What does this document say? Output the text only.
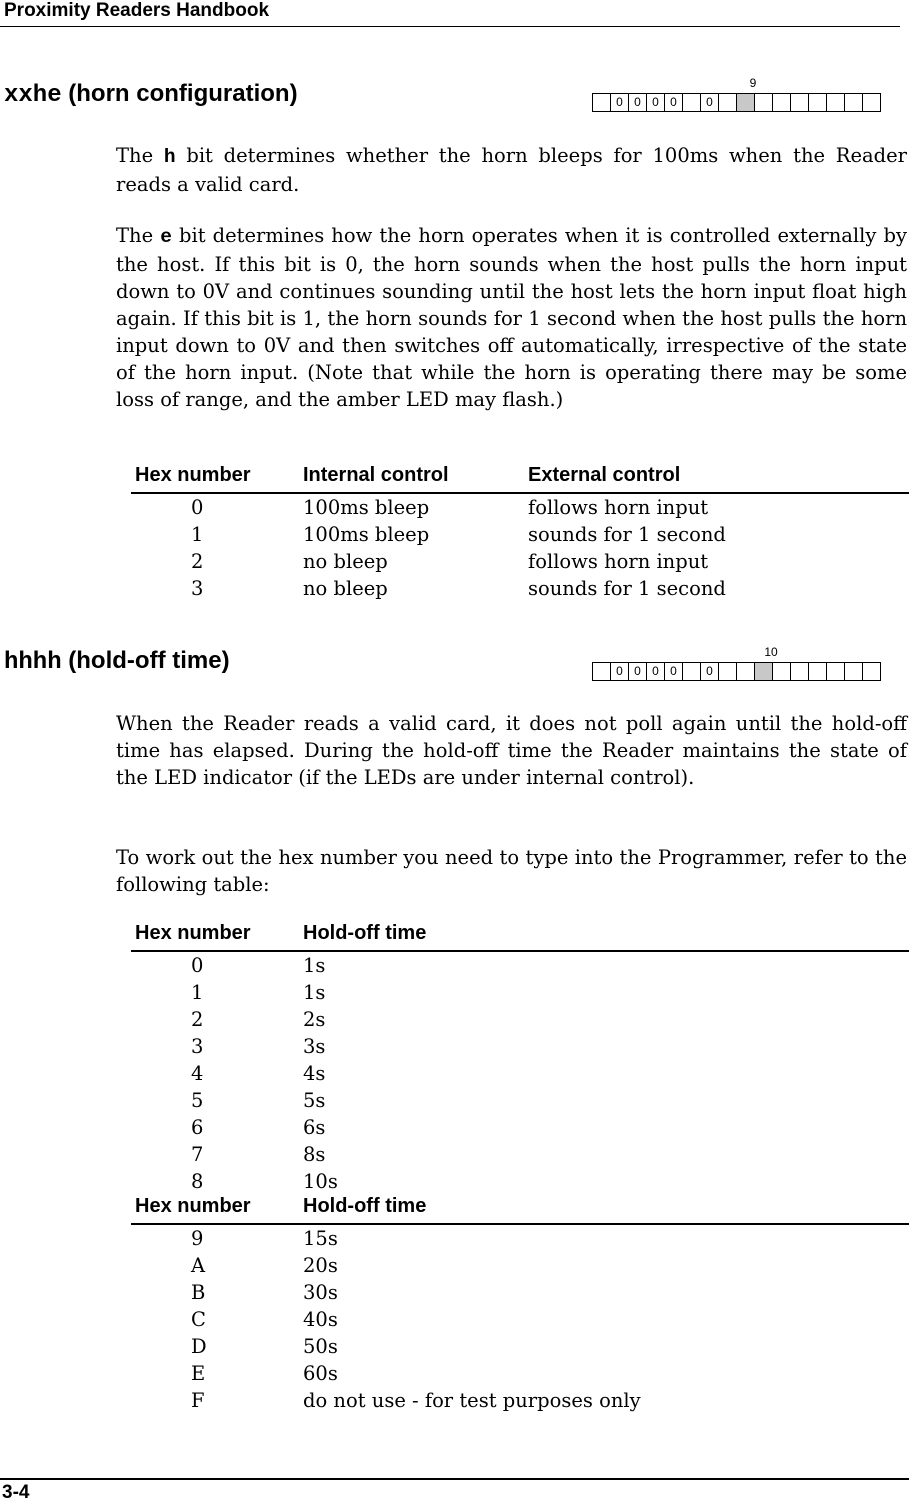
Proximity Readers Handbook
xxhe (horn configuration)	9
0 0 0 0	0
The h bit determines whether the horn bleeps for 100ms when the Reader reads a valid card.
The e bit determines how the horn operates when it is controlled externally by the host. If this bit is 0, the horn sounds when the host pulls the horn input down to 0V and continues sounding until the host lets the horn input float high again. If this bit is 1, the horn sounds for 1 second when the host pulls the horn input down to 0V and then switches off automatically, irrespective of the state of the horn input. (Note that while the horn is operating there may be some loss of range, and the amber LED may flash.)
Hex number	Internal control	External control
0	100ms bleep	follows horn input
1	100ms bleep	sounds for 1 second
2	no bleep	follows horn input
3	no bleep	sounds for 1 second
hhhh (hold-off time)	10
0 0 0 0	0
When the Reader reads a valid card, it does not poll again until the hold-off time has elapsed. During the hold-off time the Reader maintains the state of the LED indicator (if the LEDs are under internal control).
To work out the hex number you need to type into the Programmer, refer to the following table:
Hex number	Hold-off time
0	1s
1	1s
2	2s
3	3s
4	4s
5	5s
6	6s
7	8s
8	10s
Hex number	Hold-off time
9	15s
A	20s
B	30s
C	40s
D	50s
E	60s
F	do not use - for test purposes only
3-4
